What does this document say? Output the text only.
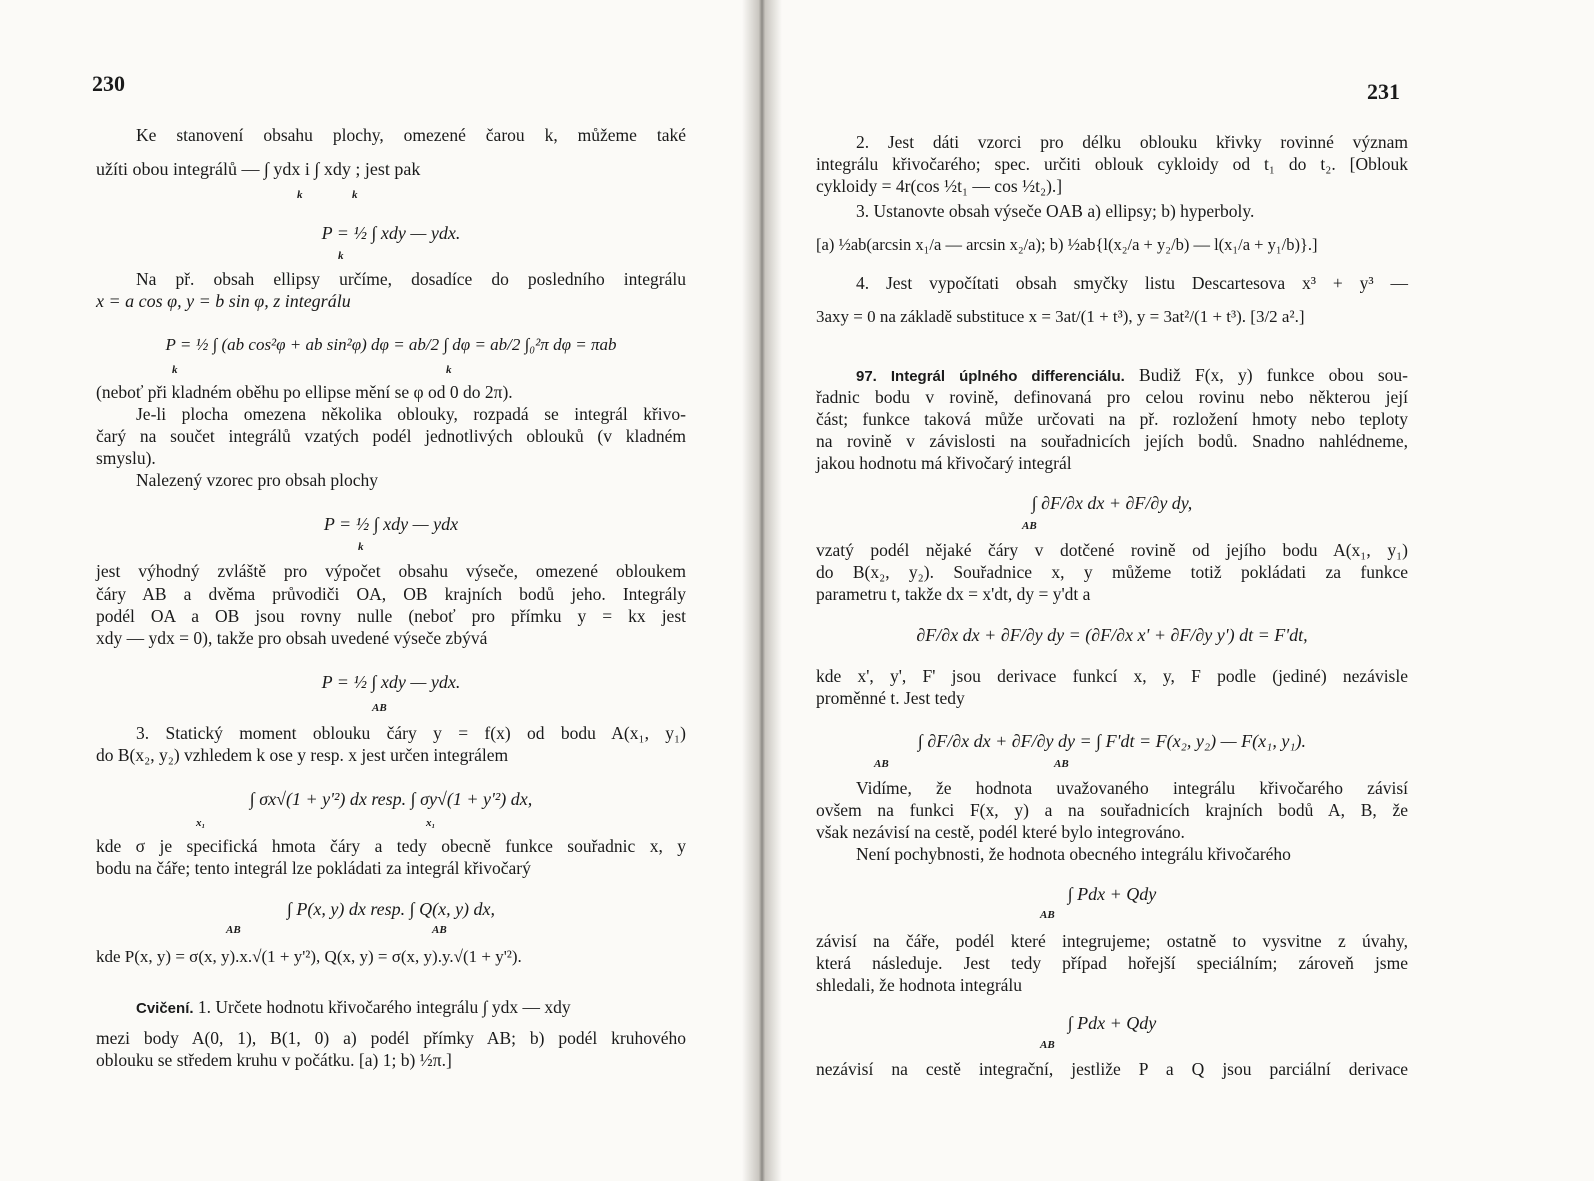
230
Ke stanovení obsahu plochy, omezené čarou k, můžeme také
užíti obou integrálů — ∫ ydx i ∫ xdy ; jest pak
k	k
P = ½ ∫ xdy — ydx.
k
Na př. obsah ellipsy určíme, dosadíce do posledního integrálu
x = a cos φ, y = b sin φ, z integrálu
P = ½ ∫ (ab cos²φ + ab sin²φ) dφ = ab/2 ∫ dφ = ab/2 ∫₀²π dφ = πab
k	k
(neboť při kladném oběhu po ellipse mění se φ od 0 do 2π).
Je-li plocha omezena několika oblouky, rozpadá se integrál křivo-
čarý na součet integrálů vzatých podél jednotlivých oblouků (v kladném
smyslu).
Nalezený vzorec pro obsah plochy
P = ½ ∫ xdy — ydx
k
jest výhodný zvláště pro výpočet obsahu výseče, omezené obloukem
čáry AB a dvěma průvodiči OA, OB krajních bodů jeho. Integrály
podél OA a OB jsou rovny nulle (neboť pro přímku y = kx jest
xdy — ydx = 0), takže pro obsah uvedené výseče zbývá
P = ½ ∫ xdy — ydx.
AB
3. Statický moment oblouku čáry y = f(x) od bodu A(x₁, y₁)
do B(x₂, y₂) vzhledem k ose y resp. x jest určen integrálem
∫ σx√(1 + y'²) dx resp. ∫ σy√(1 + y'²) dx,
x₁	x₁
kde σ je specifická hmota čáry a tedy obecně funkce souřadnic x, y
bodu na čáře; tento integrál lze pokládati za integrál křivočarý
∫ P(x, y) dx resp. ∫ Q(x, y) dx,
AB	AB
kde P(x, y) = σ(x, y).x.√(1 + y'²), Q(x, y) = σ(x, y).y.√(1 + y'²).
Cvičení. 1. Určete hodnotu křivočarého integrálu ∫ ydx — xdy
mezi body A(0, 1), B(1, 0) a) podél přímky AB; b) podél kruhového
oblouku se středem kruhu v počátku. [a) 1; b) ½π.]
231
2. Jest dáti vzorci pro délku oblouku křivky rovinné význam
integrálu křivočarého; spec. určiti oblouk cykloidy od t₁ do t₂. [Oblouk
cykloidy = 4r(cos ½t₁ — cos ½t₂).]
3. Ustanovte obsah výseče OAB a) ellipsy; b) hyperboly.
[a) ½ab(arcsin x₁/a — arcsin x₂/a); b) ½ab{l(x₂/a + y₂/b) — l(x₁/a + y₁/b)}.]
4. Jest vypočítati obsah smyčky listu Descartesova x³ + y³ —
3axy = 0 na základě substituce x = 3at/(1 + t³), y = 3at²/(1 + t³). [3/2 a².]
97. Integrál úplného differenciálu. Budiž F(x, y) funkce obou sou-
řadnic bodu v rovině, definovaná pro celou rovinu nebo některou její
část; funkce taková může určovati na př. rozložení hmoty nebo teploty
na rovině v závislosti na souřadnicích jejích bodů. Snadno nahlédneme,
jakou hodnotu má křivočarý integrál
∫ ∂F/∂x dx + ∂F/∂y dy,
AB
vzatý podél nějaké čáry v dotčené rovině od jejího bodu A(x₁, y₁)
do B(x₂, y₂). Souřadnice x, y můžeme totiž pokládati za funkce
parametru t, takže dx = x'dt, dy = y'dt a
∂F/∂x dx + ∂F/∂y dy = (∂F/∂x x' + ∂F/∂y y') dt = F'dt,
kde x', y', F' jsou derivace funkcí x, y, F podle (jediné) nezávisle
proměnné t. Jest tedy
∫ ∂F/∂x dx + ∂F/∂y dy = ∫ F'dt = F(x₂, y₂) — F(x₁, y₁).
AB	AB
Vidíme, že hodnota uvažovaného integrálu křivočarého závisí
ovšem na funkci F(x, y) a na souřadnicích krajních bodů A, B, že
však nezávisí na cestě, podél které bylo integrováno.
Není pochybnosti, že hodnota obecného integrálu křivočarého
∫ Pdx + Qdy
AB
závisí na čáře, podél které integrujeme; ostatně to vysvitne z úvahy,
která následuje. Jest tedy případ hořejší speciálním; zároveň jsme
shledali, že hodnota integrálu
∫ Pdx + Qdy
AB
nezávisí na cestě integrační, jestliže P a Q jsou parciální derivace
